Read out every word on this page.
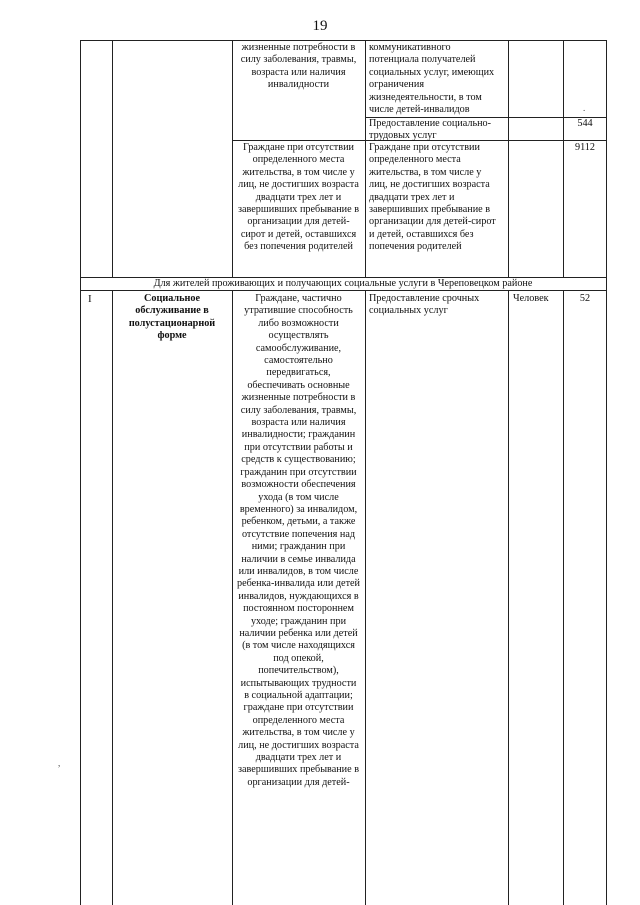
19
жизненные потребности в силу заболевания, травмы, возраста или наличия инвалидности
коммуникативного потенциала получателей социальных услуг, имеющих ограничения жизнедеятельности, в том числе детей-инвалидов
Предоставление социально-трудовых услуг
544
Граждане при отсутствии определенного места жительства, в том числе у лиц, не достигших возраста двадцати трех лет и завершивших пребывание в организации для детей-сирот и детей, оставшихся без попечения родителей
Граждане при отсутствии определенного места жительства, в том числе у лиц, не достигших возраста двадцати трех лет и завершивших пребывание в организации для детей-сирот и детей, оставшихся без попечения родителей
9112
Для жителей проживающих и получающих социальные услуги в Череповецком районе
I	Социальное обслуживание в полустационарной форме
Граждане, частично утратившие способность либо возможности осуществлять самообслуживание, самостоятельно передвигаться, обеспечивать основные жизненные потребности в силу заболевания, травмы, возраста или наличия инвалидности; гражданин при отсутствии работы и средств к существованию; гражданин при отсутствии возможности обеспечения ухода (в том числе временного) за инвалидом, ребенком, детьми, а также отсутствие попечения над ними; гражданин при наличии в семье инвалида или инвалидов, в том числе ребенка-инвалида или детей инвалидов, нуждающихся в постоянном постороннем уходе; гражданин при наличии ребенка или детей (в том числе находящихся под опекой, попечительством), испытывающих трудности в социальной адаптации; граждане при отсутствии определенного места жительства, в том числе у лиц, не достигших возраста двадцати трех лет и завершивших пребывание в организации для детей-
Предоставление срочных социальных услуг
Человек	52
,
.
